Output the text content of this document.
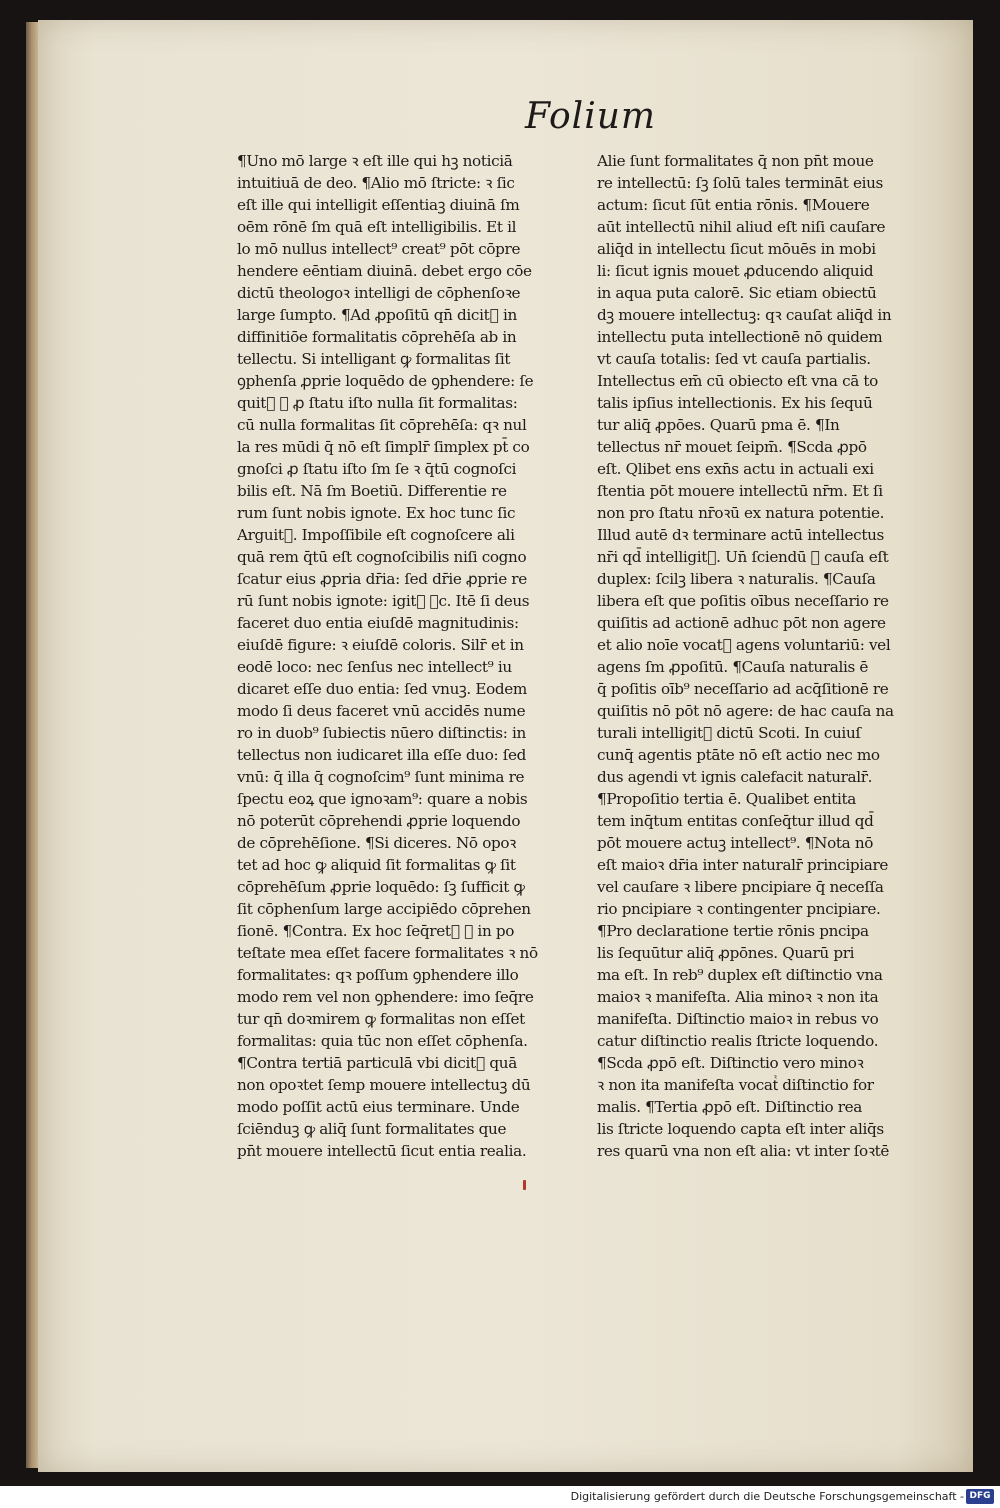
Folium
¶Uno mō large ꝛ eſt ille qui hꝫ noticiā
intuitiuā de deo. ¶Alio mō ſtricte: ꝛ ſic
eſt ille qui intelligit eſſentiaꝫ diuinā ſm
oēm rōnē ſm quā eſt intelligibilis. Et il
lo mō nullus intellect⁹ creat⁹ pōt cōpre
hendere eēntiam diuinā. debet ergo cōe
dictū theologoꝛ intelligi de cōphenſoꝛe
large ſumpto. ¶Ad ꝓpoſitū qn̄ dicitᷣ in
diffinitiōe formalitatis cōprehēſa ab in
tellectu. Si intelligant ꝙ formalitas ſit
ꝯphenſa ꝓprie loquēdo de ꝯphendere: ſe
quitᷣ ꝙ ꝓ ſtatu iſto nulla ſit formalitas:
cū nulla formalitas ſit cōprehēſa: qꝛ nul
la res mūdi q̄ nō eſt ſimplr̄ ſimplex pt̄ co
gnoſci ꝓ ſtatu iſto ſm ſe ꝛ q̄tū cognoſci
bilis eſt. Nā ſm Boetiū. Differentie re
rum ſunt nobis ignote. Ex hoc tunc ſic
Arguitᷣ. Impoſſibile eſt cognoſcere ali
quā rem q̄tū eſt cognoſcibilis niſi cogno
ſcatur eius ꝓpria dr̄ia: ſed dr̄ie ꝓprie re
rū ſunt nobis ignote: igitᷣ ꝛc. Itē ſi deus
faceret duo entia eiuſdē magnitudinis:
eiuſdē figure: ꝛ eiuſdē coloris. Silr̄ et in
eodē loco: nec ſenſus nec intellect⁹ iu
dicaret eſſe duo entia: ſed vnuꝫ. Eodem
modo ſi deus faceret vnū accidēs nume
ro in duob⁹ ſubiectis nūero diſtinctis: in
tellectus non iudicaret illa eſſe duo: ſed
vnū: q̄ illa q̄ cognoſcim⁹ ſunt minima re
ſpectu eoꝝ que ignoꝛam⁹: quare a nobis
nō poterūt cōprehendi ꝓprie loquendo
de cōprehēſione. ¶Si diceres. Nō opoꝛ
tet ad hoc ꝙ aliquid ſit formalitas ꝙ ſit
cōprehēſum ꝓprie loquēdo: ſꝫ ſufficit ꝙ
ſit cōphenſum large accipiēdo cōprehen
ſionē. ¶Contra. Ex hoc ſeq̄retᷣ ꝙ in po
teſtate mea eſſet facere formalitates ꝛ nō
formalitates: qꝛ poſſum ꝯphendere illo
modo rem vel non ꝯphendere: imo ſeq̄re
tur qn̄ doꝛmirem ꝙ formalitas non eſſet
formalitas: quia tūc non eſſet cōphenſa.
¶Contra tertiā particulā vbi dicitᷣ quā
non opoꝛtet ſemp mouere intellectuꝫ dū
modo poſſit actū eius terminare. Unde
ſciēnduꝫ ꝙ aliq̄ ſunt formalitates que
pn̄t mouere intellectū ſicut entia realia.
Alie ſunt formalitates q̄ non pn̄t moue
re intellectū: ſꝫ ſolū tales termināt eius
actum: ſicut ſūt entia rōnis. ¶Mouere
aūt intellectū nihil aliud eſt niſi cauſare
aliq̄d in intellectu ſicut mōuēs in mobi
li: ſicut ignis mouet ꝓducendo aliquid
in aqua puta calorē. Sic etiam obiectū
dꝫ mouere intellectuꝫ: qꝛ cauſat aliq̄d in
intellectu puta intellectionē nō quidem
vt cauſa totalis: ſed vt cauſa partialis.
Intellectus em̄ cū obiecto eſt vna cā to
talis ipſius intellectionis. Ex his ſequū
tur aliq̄ ꝓpōes. Quarū pma ē. ¶In
tellectus nr̄ mouet ſeipm̄. ¶Scda ꝓpō
eſt. Qlibet ens exn̄s actu in actuali exi
ſtentia pōt mouere intellectū nr̄m. Et ſi
non pro ſtatu nr̄oꝛū ex natura potentie.
Illud autē dꝛ terminare actū intellectus
nr̄i qd̄ intelligitᷣ. Un̄ ſciendū ꝙ cauſa eſt
duplex: ſcilꝫ libera ꝛ naturalis. ¶Cauſa
libera eſt que poſitis oībus neceſſario re
quiſitis ad actionē adhuc pōt non agere
et alio noīe vocatᷣ agens voluntariū: vel
agens ſm ꝓpoſitū. ¶Cauſa naturalis ē
q̄ poſitis oīb⁹ neceſſario ad acq̄ſitionē re
quiſitis nō pōt nō agere: de hac cauſa na
turali intelligitᷣ dictū Scoti. In cuiuſ
cunq̄ agentis ptāte nō eſt actio nec mo
dus agendi vt ignis calefacit naturalr̄.
¶Propoſitio tertia ē. Qualibet entita
tem inq̄tum entitas conſeq̄tur illud qd̄
pōt mouere actuꝫ intellect⁹. ¶Nota nō
eſt maioꝛ dr̄ia inter naturalr̄ principiare
vel cauſare ꝛ libere pncipiare q̄ neceſſa
rio pncipiare ꝛ contingenter pncipiare.
¶Pro declaratione tertie rōnis pncipa
lis ſequūtur aliq̄ ꝓpōnes. Quarū pri
ma eſt. In reb⁹ duplex eſt diſtinctio vna
maioꝛ ꝛ manifeſta. Alia minoꝛ ꝛ non ita
manifeſta. Diſtinctio maioꝛ in rebus vo
catur diſtinctio realis ſtricte loquendo.
¶Scda ꝓpō eſt. Diſtinctio vero minoꝛ
ꝛ non ita manifeſta vocatᷣ diſtinctio for
malis. ¶Tertia ꝓpō eſt. Diſtinctio rea
lis ſtricte loquendo capta eſt inter aliq̄s
res quarū vna non eſt alia: vt inter ſoꝛtē
Digitalisierung gefördert durch die Deutsche Forschungsgemeinschaft - DFG
